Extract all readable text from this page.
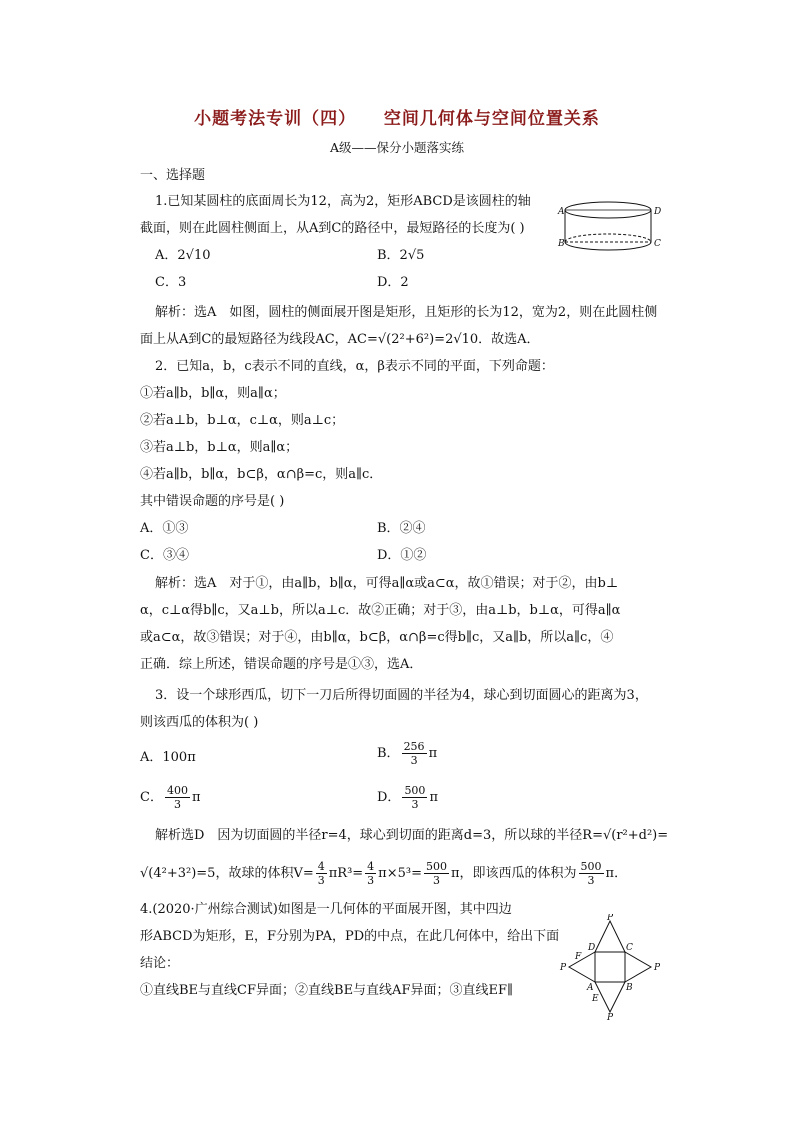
小题考法专训（四）    空间几何体与空间位置关系
A级——保分小题落实练
一、选择题
1.已知某圆柱的底面周长为12，高为2，矩形ABCD是该圆柱的轴
截面，则在此圆柱侧面上，从A到C的路径中，最短路径的长度为( )
A．2√10	B．2√5
C．3	D．2
解析：选A　如图，圆柱的侧面展开图是矩形，且矩形的长为12，宽为2，则在此圆柱侧
面上从A到C的最短路径为线段AC，AC=√(2²+6²)=2√10．故选A．
A	D
B	C
2．已知a，b，c表示不同的直线，α，β表示不同的平面，下列命题：
①若a∥b，b∥α，则a∥α；
②若a⊥b，b⊥α，c⊥α，则a⊥c；
③若a⊥b，b⊥α，则a∥α；
④若a∥b，b∥α，b⊂β，α∩β=c，则a∥c．
其中错误命题的序号是( )
A．①③	B．②④
C．③④	D．①②
解析：选A　对于①，由a∥b，b∥α，可得a∥α或a⊂α，故①错误；对于②，由b⊥
α，c⊥α得b∥c，又a⊥b，所以a⊥c．故②正确；对于③，由a⊥b，b⊥α，可得a∥α
或a⊂α，故③错误；对于④，由b∥α，b⊂β，α∩β=c得b∥c，又a∥b，所以a∥c，④
正确．综上所述，错误命题的序号是①③，选A．
3．设一个球形西瓜，切下一刀后所得切面圆的半径为4，球心到切面圆心的距离为3，
则该西瓜的体积为( )
A．100π	B． $\frac{256}{3}$ π
C． $\frac{400}{3}$ π	D． $\frac{500}{3}$ π
解析选D　因为切面圆的半径r=4，球心到切面的距离d=3，所以球的半径R=√(r²+d²)=
√(4²+3²)=5，故球的体积$V= \frac{4}{3} \pi R^3= \frac{4}{3} \pi\times 5^3= \frac{500}{3}$ π，即该西瓜的体积为 $\frac{500}{3}$ π．
4.(2020·广州综合测试)如图是一几何体的平面展开图，其中四边
形ABCD为矩形，E，F分别为PA，PD的中点，在此几何体中，给出下面
结论：
①直线BE与直线CF异面；②直线BE与直线AF异面；③直线EF∥
P
P
P
P
D	C
A	B
F
E
